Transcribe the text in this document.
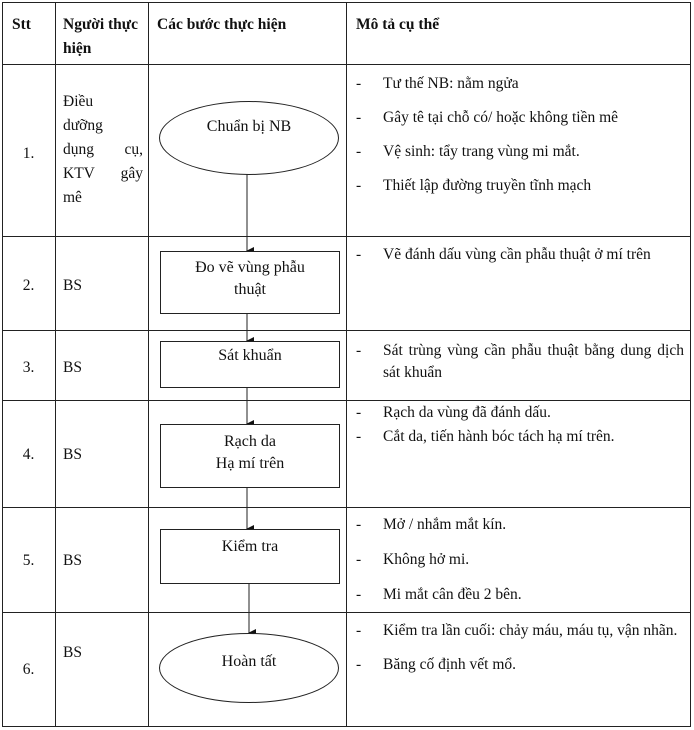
Stt Người thực hiện
Các bước thực hiện	Mô tả cụ thể
1.
2.
3.
4.
5.
6.
Điều
dưỡng
dụng cụ,
KTV gây
mê
BS
BS
BS
BS
BS
Chuẩn bị NB
Đo vẽ vùng phẫu
thuật
Sát khuẩn
Rạch da
Hạ mí trên
Kiểm tra
Hoàn tất
- Tư thế NB: nằm ngửa
- Gây tê tại chỗ có/ hoặc không tiền mê
- Vệ sinh: tẩy trang vùng mi mắt.
- Thiết lập đường truyền tĩnh mạch
- Vẽ đánh dấu vùng cần phẫu thuật ở mí trên
- Sát trùng vùng cần phẫu thuật bằng dung dịch sát khuẩn
- Rạch da vùng đã đánh dấu.
- Cắt da, tiến hành bóc tách hạ mí trên.
- Mở / nhắm mắt kín.
- Không hở mi.
- Mi mắt cân đều 2 bên.
- Kiểm tra lần cuối: chảy máu, máu tụ, vận nhãn.
- Băng cố định vết mổ.
